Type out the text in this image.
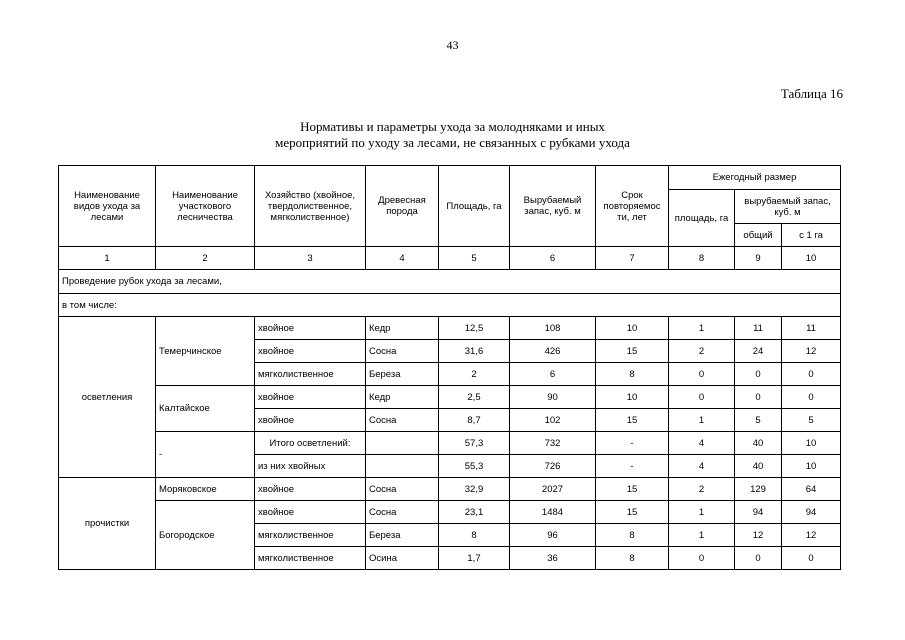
43
Таблица 16
Нормативы и параметры ухода за молодняками и иных
мероприятий по уходу за лесами, не связанных с рубками ухода
Наименование видов ухода за лесами	Наименование участкового лесничества	Хозяйство (хвойное, твердолиственное, мягколиственное)	Древесная порода	Площадь, га	Вырубаемый запас, куб. м	Срок повторяемос ти, лет	Ежегодный размер		
							площадь, га	вырубаемый запас, куб. м	
								общий	с 1 га
1	2	3	4	5	6	7	8	9	10
Проведение рубок ухода за лесами,									
в том числе:									
осветления	Темерчинское	хвойное	Кедр	12,5	108	10	1	11	11
		хвойное	Сосна	31,6	426	15	2	24	12
		мягколиственное	Береза	2	6	8	0	0	0
	Калтайское	хвойное	Кедр	2,5	90	10	0	0	0
		хвойное	Сосна	8,7	102	15	1	5	5
	-	Итого осветлений:		57,3	732	-	4	40	10
		из них хвойных		55,3	726	-	4	40	10
прочистки	Моряковское	хвойное	Сосна	32,9	2027	15	2	129	64
	Богородское	хвойное	Сосна	23,1	1484	15	1	94	94
		мягколиственное	Береза	8	96	8	1	12	12
		мягколиственное	Осина	1,7	36	8	0	0	0
